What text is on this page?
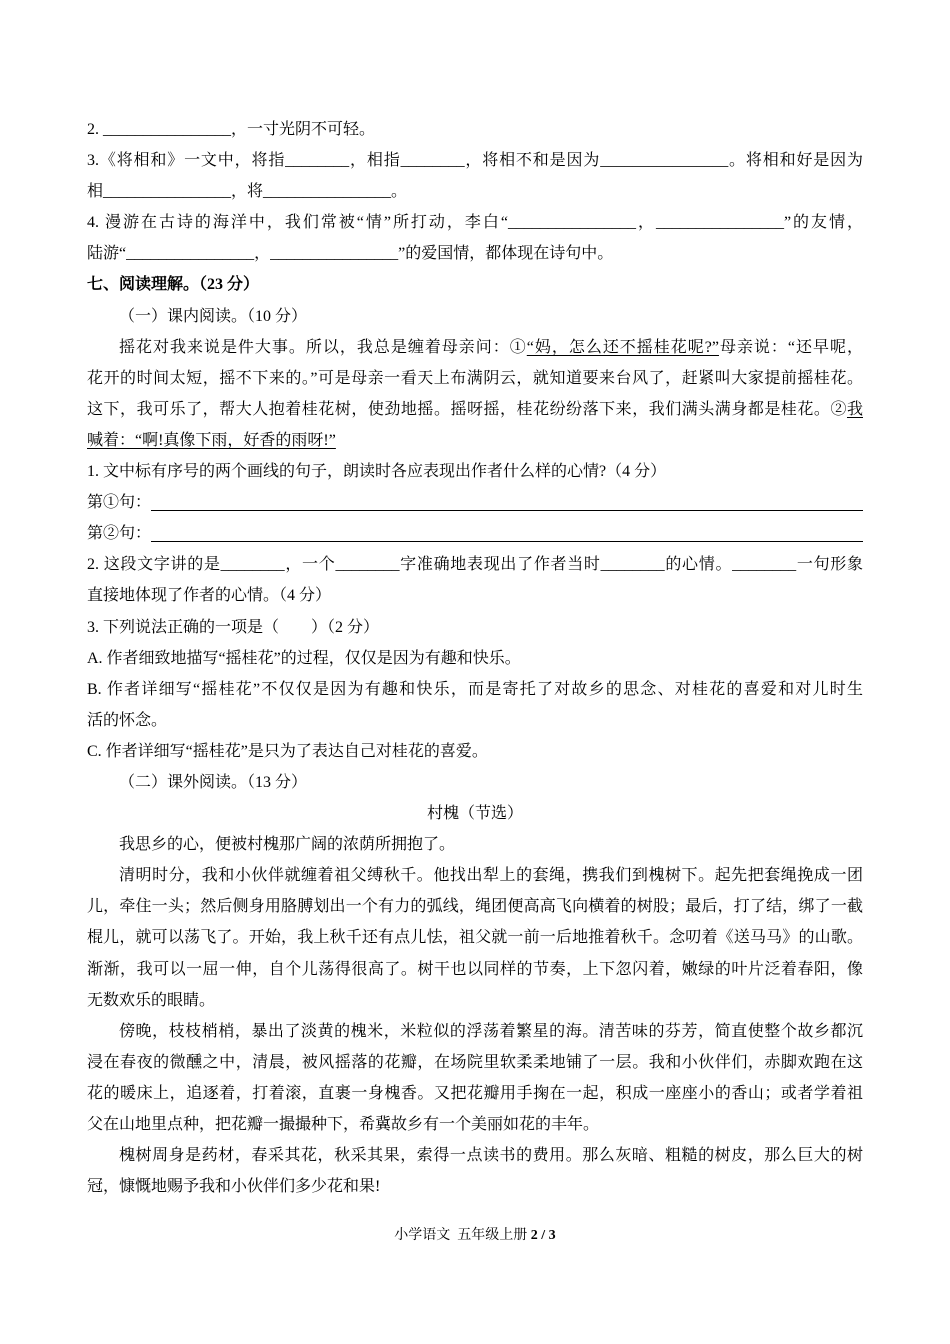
2. ________________，一寸光阴不可轻。
3.《将相和》一文中，将指________，相指________，将相不和是因为________________。将相和好是因为
相________________，将________________。
4. 漫游在古诗的海洋中，我们常被“情”所打动，李白“________________，________________”的友情，
陆游“________________，________________”的爱国情，都体现在诗句中。
七、阅读理解。（23 分）
（一）课内阅读。（10 分）
摇花对我来说是件大事。所以，我总是缠着母亲问：①“妈，怎么还不摇桂花呢?”母亲说：“还早呢，
花开的时间太短，摇不下来的。”可是母亲一看天上布满阴云，就知道要来台风了，赶紧叫大家提前摇桂花。
这下，我可乐了，帮大人抱着桂花树，使劲地摇。摇呀摇，桂花纷纷落下来，我们满头满身都是桂花。②我
喊着：“啊!真像下雨，好香的雨呀!”
1. 文中标有序号的两个画线的句子，朗读时各应表现出作者什么样的心情?（4 分）
第①句：
第②句：
2. 这段文字讲的是________，一个________字准确地表现出了作者当时________的心情。________一句形象
直接地体现了作者的心情。（4 分）
3. 下列说法正确的一项是（　　）（2 分）
A. 作者细致地描写“摇桂花”的过程，仅仅是因为有趣和快乐。
B. 作者详细写“摇桂花”不仅仅是因为有趣和快乐，而是寄托了对故乡的思念、对桂花的喜爱和对儿时生
活的怀念。
C. 作者详细写“摇桂花”是只为了表达自己对桂花的喜爱。
（二）课外阅读。（13 分）
村槐（节选）
我思乡的心，便被村槐那广阔的浓荫所拥抱了。
清明时分，我和小伙伴就缠着祖父缚秋千。他找出犁上的套绳，携我们到槐树下。起先把套绳挽成一团
儿，牵住一头；然后侧身用胳膊划出一个有力的弧线，绳团便高高飞向横着的树股；最后，打了结，绑了一截
棍儿，就可以荡飞了。开始，我上秋千还有点儿怯，祖父就一前一后地推着秋千。念叨着《送马马》的山歌。
渐渐，我可以一屈一伸，自个儿荡得很高了。树干也以同样的节奏，上下忽闪着，嫩绿的叶片泛着春阳，像
无数欢乐的眼睛。
傍晚，枝枝梢梢，暴出了淡黄的槐米，米粒似的浮荡着繁星的海。清苦味的芬芳，简直使整个故乡都沉
浸在春夜的微醺之中，清晨，被风摇落的花瓣，在场院里软柔柔地铺了一层。我和小伙伴们，赤脚欢跑在这
花的暖床上，追逐着，打着滚，直裹一身槐香。又把花瓣用手掬在一起，积成一座座小的香山；或者学着祖
父在山地里点种，把花瓣一撮撮种下，希冀故乡有一个美丽如花的丰年。
槐树周身是药材，春采其花，秋采其果，索得一点读书的费用。那么灰暗、粗糙的树皮，那么巨大的树
冠，慷慨地赐予我和小伙伴们多少花和果!
小学语文  五年级上册 2 / 3
